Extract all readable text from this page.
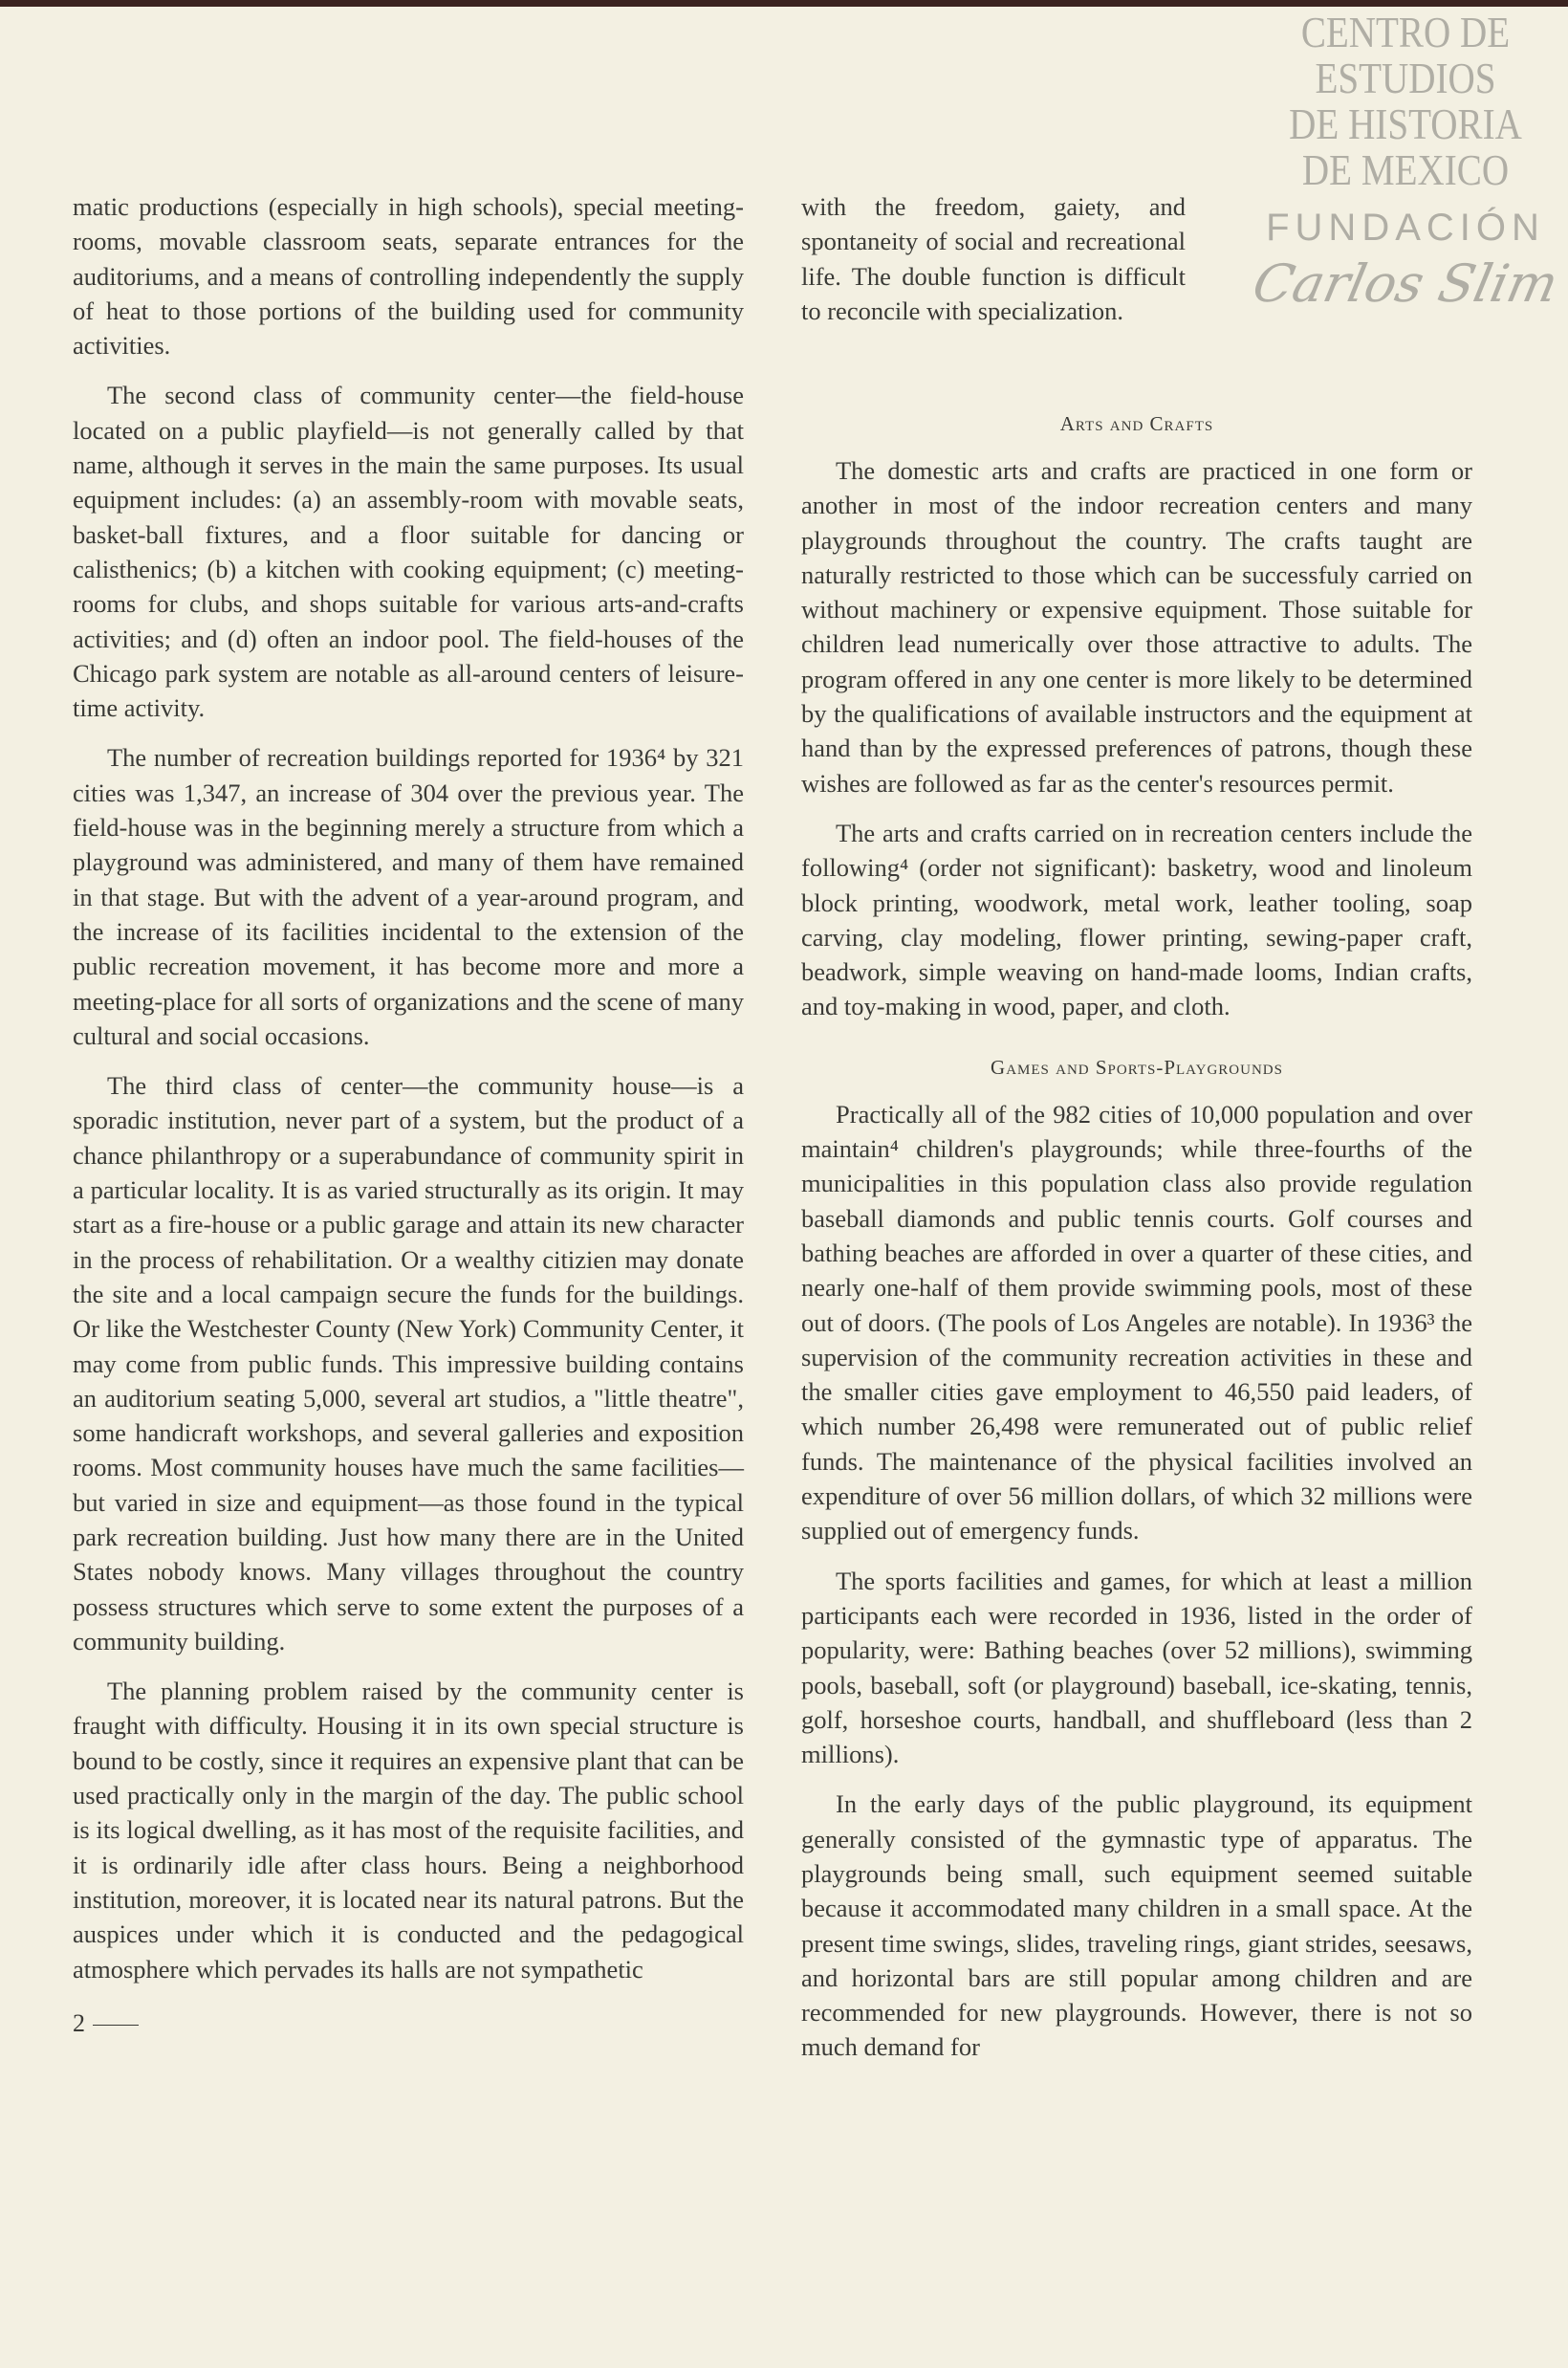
CENTRO DE
ESTUDIOS
DE HISTORIA
DE MEXICO
FUNDACIÓN
Carlos Slim

matic productions (especially in high schools), special meeting-rooms, movable classroom seats, separate entrances for the auditoriums, and a means of controlling independently the supply of heat to those portions of the building used for community activities.

The second class of community center—the field-house located on a public playfield—is not generally called by that name, although it serves in the main the same purposes. Its usual equipment includes: (a) an assembly-room with movable seats, basket-ball fixtures, and a floor suitable for dancing or calisthenics; (b) a kitchen with cooking equipment; (c) meeting-rooms for clubs, and shops suitable for various arts-and-crafts activities; and (d) often an indoor pool. The field-houses of the Chicago park system are notable as all-around centers of leisure-time activity.

The number of recreation buildings reported for 1936⁴ by 321 cities was 1,347, an increase of 304 over the previous year. The field-house was in the beginning merely a structure from which a playground was administered, and many of them have remained in that stage. But with the advent of a year-around program, and the increase of its facilities incidental to the extension of the public recreation movement, it has become more and more a meeting-place for all sorts of organizations and the scene of many cultural and social occasions.

The third class of center—the community house—is a sporadic institution, never part of a system, but the product of a chance philanthropy or a superabundance of community spirit in a particular locality. It is as varied structurally as its origin. It may start as a fire-house or a public garage and attain its new character in the process of rehabilitation. Or a wealthy citizien may donate the site and a local campaign secure the funds for the buildings. Or like the Westchester County (New York) Community Center, it may come from public funds. This impressive building contains an auditorium seating 5,000, several art studios, a "little theatre", some handicraft workshops, and several galleries and exposition rooms. Most community houses have much the same facilities—but varied in size and equipment—as those found in the typical park recreation building. Just how many there are in the United States nobody knows. Many villages throughout the country possess structures which serve to some extent the purposes of a community building.

The planning problem raised by the community center is fraught with difficulty. Housing it in its own special structure is bound to be costly, since it requires an expensive plant that can be used practically only in the margin of the day. The public school is its logical dwelling, as it has most of the requisite facilities, and it is ordinarily idle after class hours. Being a neighborhood institution, moreover, it is located near its natural patrons. But the auspices under which it is conducted and the pedagogical atmosphere which pervades its halls are not sympathetic

2

with the freedom, gaiety, and spontaneity of social and recreational life. The double function is difficult to reconcile with specialization.

Arts and Crafts

The domestic arts and crafts are practiced in one form or another in most of the indoor recreation centers and many playgrounds throughout the country. The crafts taught are naturally restricted to those which can be successfuly carried on without machinery or expensive equipment. Those suitable for children lead numerically over those attractive to adults. The program offered in any one center is more likely to be determined by the qualifications of available instructors and the equipment at hand than by the expressed preferences of patrons, though these wishes are followed as far as the center's resources permit.

The arts and crafts carried on in recreation centers include the following⁴ (order not significant): basketry, wood and linoleum block printing, woodwork, metal work, leather tooling, soap carving, clay modeling, flower printing, sewing-paper craft, beadwork, simple weaving on hand-made looms, Indian crafts, and toy-making in wood, paper, and cloth.

Games and Sports-Playgrounds

Practically all of the 982 cities of 10,000 population and over maintain⁴ children's playgrounds; while three-fourths of the municipalities in this population class also provide regulation baseball diamonds and public tennis courts. Golf courses and bathing beaches are afforded in over a quarter of these cities, and nearly one-half of them provide swimming pools, most of these out of doors. (The pools of Los Angeles are notable). In 1936³ the supervision of the community recreation activities in these and the smaller cities gave employment to 46,550 paid leaders, of which number 26,498 were remunerated out of public relief funds. The maintenance of the physical facilities involved an expenditure of over 56 million dollars, of which 32 millions were supplied out of emergency funds.

The sports facilities and games, for which at least a million participants each were recorded in 1936, listed in the order of popularity, were: Bathing beaches (over 52 millions), swimming pools, baseball, soft (or playground) baseball, ice-skating, tennis, golf, horseshoe courts, handball, and shuffleboard (less than 2 millions).

In the early days of the public playground, its equipment generally consisted of the gymnastic type of apparatus. The playgrounds being small, such equipment seemed suitable because it accommodated many children in a small space. At the present time swings, slides, traveling rings, giant strides, seesaws, and horizontal bars are still popular among children and are recommended for new playgrounds. However, there is not so much demand for
